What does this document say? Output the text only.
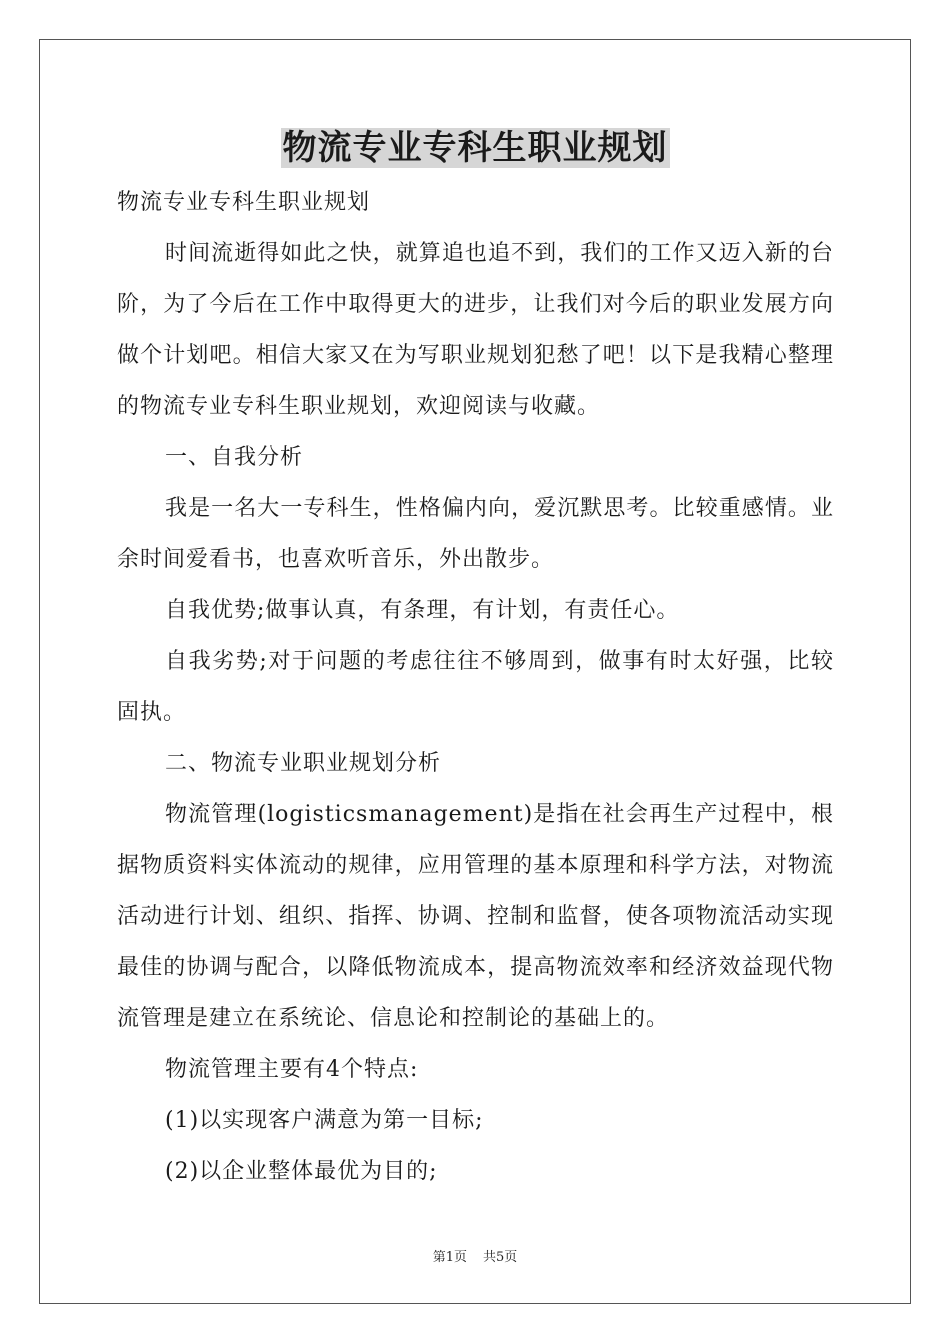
物流专业专科生职业规划

物流专业专科生职业规划

时间流逝得如此之快，就算追也追不到，我们的工作又迈入新的台阶，为了今后在工作中取得更大的进步，让我们对今后的职业发展方向做个计划吧。相信大家又在为写职业规划犯愁了吧！以下是我精心整理的物流专业专科生职业规划，欢迎阅读与收藏。

一、自我分析

我是一名大一专科生，性格偏内向，爱沉默思考。比较重感情。业余时间爱看书，也喜欢听音乐，外出散步。

自我优势;做事认真，有条理，有计划，有责任心。

自我劣势;对于问题的考虑往往不够周到，做事有时太好强，比较固执。

二、物流专业职业规划分析

物流管理(logisticsmanagement)是指在社会再生产过程中，根据物质资料实体流动的规律，应用管理的基本原理和科学方法，对物流活动进行计划、组织、指挥、协调、控制和监督，使各项物流活动实现最佳的协调与配合，以降低物流成本，提高物流效率和经济效益现代物流管理是建立在系统论、信息论和控制论的基础上的。

物流管理主要有4个特点:

(1)以实现客户满意为第一目标;

(2)以企业整体最优为目的;

第1页 共5页
